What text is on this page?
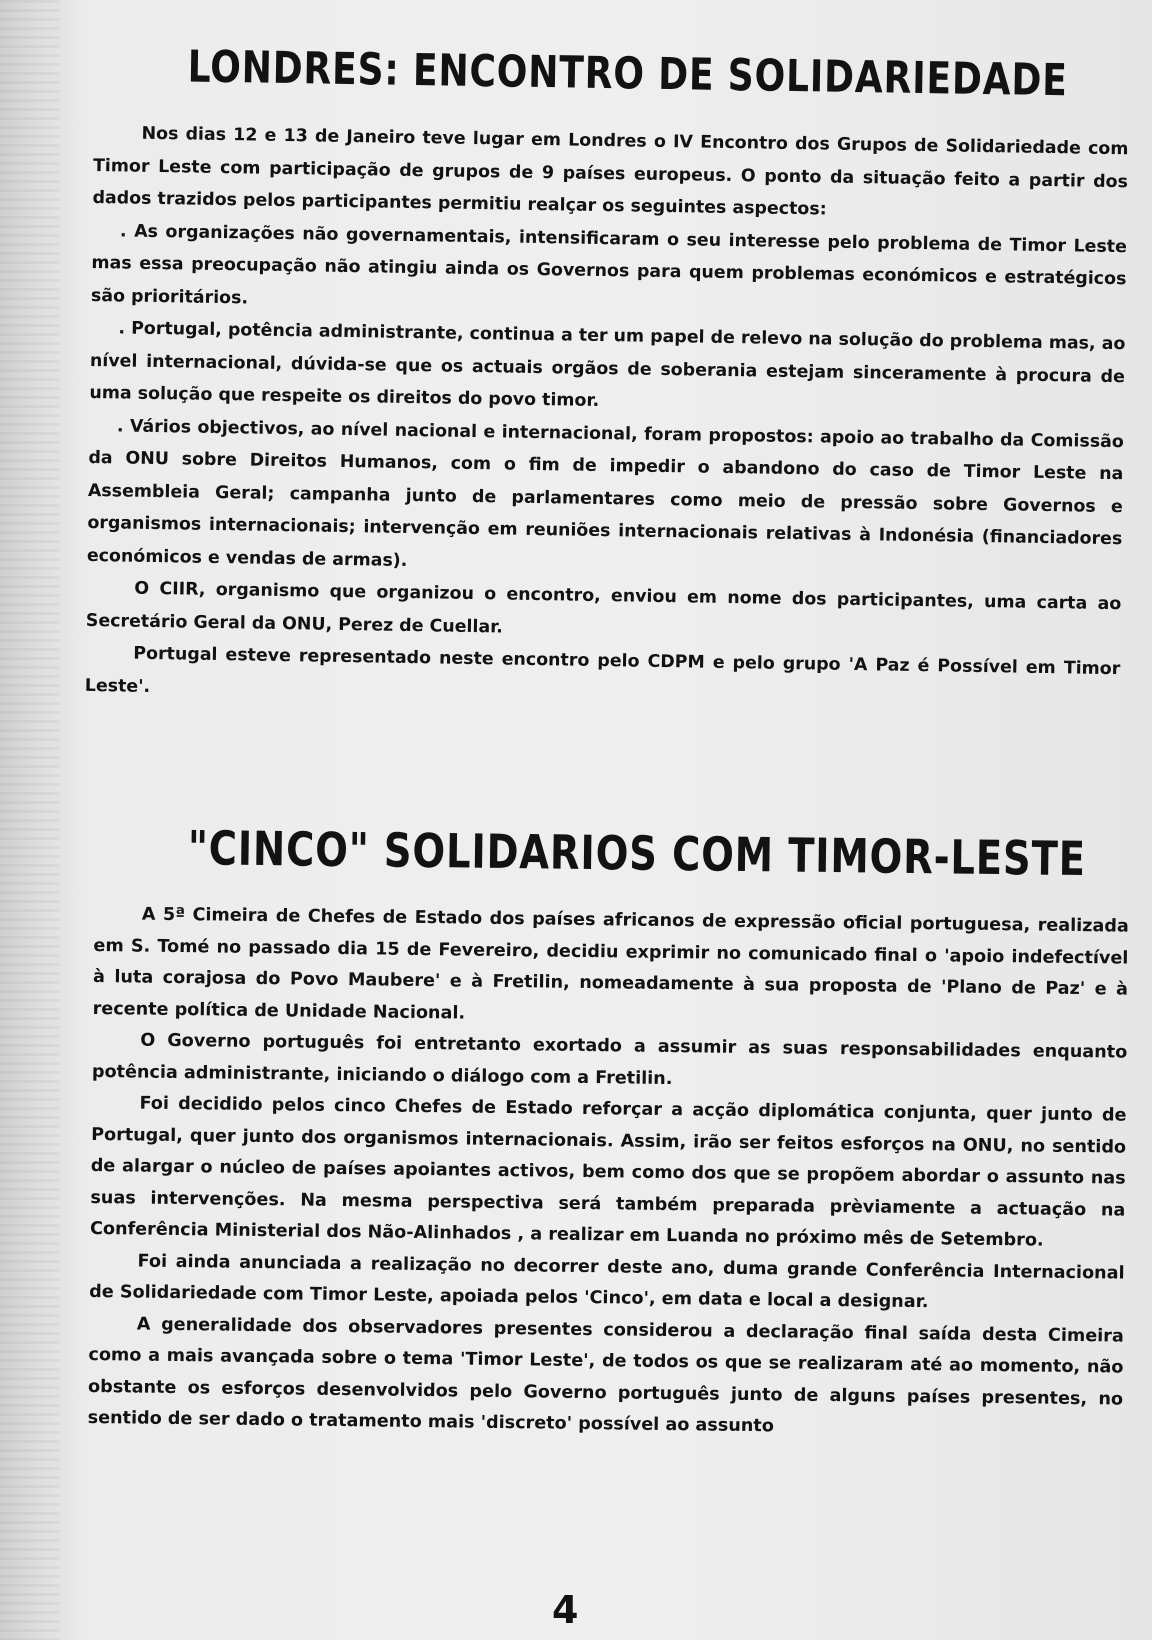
LONDRES: ENCONTRO DE SOLIDARIEDADE

Nos dias 12 e 13 de Janeiro teve lugar em Londres o IV Encontro dos Grupos de Solidariedade com Timor Leste com participação de grupos de 9 países europeus. O ponto da situação feito a partir dos dados trazidos pelos participantes permitiu realçar os seguintes aspectos:

. As organizações não governamentais, intensificaram o seu interesse pelo problema de Timor Leste mas essa preocupação não atingiu ainda os Governos para quem problemas económicos e estratégicos são prioritários.

. Portugal, potência administrante, continua a ter um papel de relevo na solução do problema mas, ao nível internacional, dúvida-se que os actuais orgãos de soberania estejam sinceramente à procura de uma solução que respeite os direitos do povo timor.

. Vários objectivos, ao nível nacional e internacional, foram propostos: apoio ao trabalho da Comissão da ONU sobre Direitos Humanos, com o fim de impedir o abandono do caso de Timor Leste na Assembleia Geral; campanha junto de parlamentares como meio de pressão sobre Governos e organismos internacionais; intervenção em reuniões internacionais relativas à Indonésia (financiadores económicos e vendas de armas).

O CIIR, organismo que organizou o encontro, enviou em nome dos participantes, uma carta ao Secretário Geral da ONU, Perez de Cuellar.

Portugal esteve representado neste encontro pelo CDPM e pelo grupo 'A Paz é Possível em Timor Leste'.

"CINCO" SOLIDARIOS COM TIMOR-LESTE

A 5ª Cimeira de Chefes de Estado dos países africanos de expressão oficial portuguesa, realizada em S. Tomé no passado dia 15 de Fevereiro, decidiu exprimir no comunicado final o 'apoio indefectível à luta corajosa do Povo Maubere' e à Fretilin, nomeadamente à sua proposta de 'Plano de Paz' e à recente política de Unidade Nacional.

O Governo português foi entretanto exortado a assumir as suas responsabilidades enquanto potência administrante, iniciando o diálogo com a Fretilin.

Foi decidido pelos cinco Chefes de Estado reforçar a acção diplomática conjunta, quer junto de Portugal, quer junto dos organismos internacionais. Assim, irão ser feitos esforços na ONU, no sentido de alargar o núcleo de países apoiantes activos, bem como dos que se propõem abordar o assunto nas suas intervenções. Na mesma perspectiva será também preparada prèviamente a actuação na Conferência Ministerial dos Não-Alinhados , a realizar em Luanda no próximo mês de Setembro.

Foi ainda anunciada a realização no decorrer deste ano, duma grande Conferência Internacional de Solidariedade com Timor Leste, apoiada pelos 'Cinco', em data e local a designar.

A generalidade dos observadores presentes considerou a declaração final saída desta Cimeira como a mais avançada sobre o tema 'Timor Leste', de todos os que se realizaram até ao momento, não obstante os esforços desenvolvidos pelo Governo português junto de alguns países presentes, no sentido de ser dado o tratamento mais 'discreto' possível ao assunto

4
